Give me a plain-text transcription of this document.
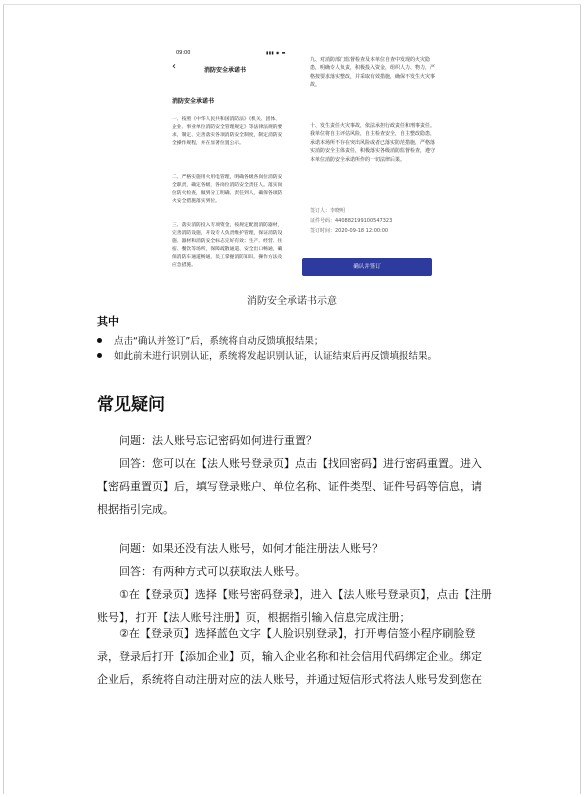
09:00	▮▮▮ ◉ ▬
‹	消防安全承诺书
消防安全承诺书
一、按照《中华人民共和国消防法》《机关、团体、企业、事业单位消防安全管理规定》等法律法规的要求，制定、完善落实各项消防安全制度，制定消防安全操作规程，并在显著位置公示。
二、严格实施用火用电管理，明确各级各岗位消防安全职责，确定各级、各岗位消防安全责任人。落实岗位防火检查，做到分工明确、责任到人，确保各项防火安全措施落实到位。
三、落实消防投入专项资金，按规定配置消防器材，完善消防设施，开设专人负责维护管理，保证消防设施、器材和消防安全标志完好有效；生产、经营、住宿、餐饮等场所，保障疏散通道、安全出口畅通，确保消防车通道畅通，员工掌握消防知识、操作方法及应急措施。
九、对消防部门监督检查及本单位自查中发现的火灾隐患，明确专人负责，积极投入资金，组织人力、物力，严格按要求落实整改，并采取有效措施，确保不发生火灾事故。
十、发生责任火灾事故，依法承担行政责任和刑事责任。我单位将自主评估风险，自主检查安全，自主整改隐患，承诺本场所不存在突出风险或者已落实防范措施，严格落实消防安全主体责任，积极落实各级消防监督检查，遵守本单位消防安全承诺所作的一切法律后果。
签订人：李晓明
证件号码：440882199100547323
签订时间：2020-09-18 12:00:00
确认并签订
消防安全承诺书示意
其中
点击“确认并签订”后，系统将自动反馈填报结果；
如此前未进行识别认证，系统将发起识别认证，认证结束后再反馈填报结果。
常见疑问
问题：法人账号忘记密码如何进行重置？
回答：您可以在【法人账号登录页】点击【找回密码】进行密码重置。进入【密码重置页】后，填写登录账户、单位名称、证件类型、证件号码等信息，请根据指引完成。
问题：如果还没有法人账号，如何才能注册法人账号？
回答：有两种方式可以获取法人账号。
①在【登录页】选择【账号密码登录】，进入【法人账号登录页】，点击【注册账号】，打开【法人账号注册】页，根据指引输入信息完成注册；
②在【登录页】选择蓝色文字【人脸识别登录】，打开粤信签小程序刷脸登录，登录后打开【添加企业】页，输入企业名称和社会信用代码绑定企业。绑定企业后，系统将自动注册对应的法人账号，并通过短信形式将法人账号发到您在
